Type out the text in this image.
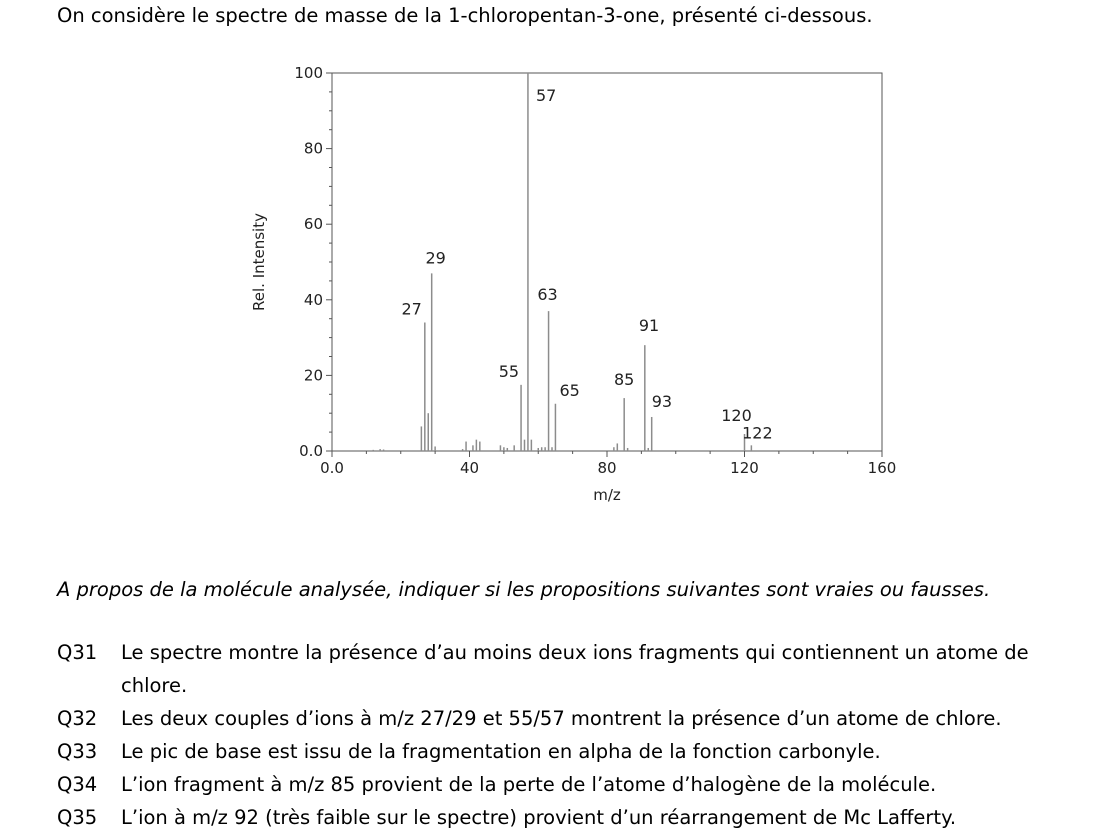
On considère le spectre de masse de la 1-chloropentan-3-one, présenté ci-dessous.
0.0	40	80	120	160
0.0
20
40
60
80
100
27
29
55
57
63
65
85
91
93
120
122
m/z
Rel. Intensity
A propos de la molécule analysée, indiquer si les propositions suivantes sont vraies ou fausses.
Q31 Le spectre montre la présence d’au moins deux ions fragments qui contiennent un atome de chlore.
Q32 Les deux couples d’ions à m/z 27/29 et 55/57 montrent la présence d’un atome de chlore.
Q33 Le pic de base est issu de la fragmentation en alpha de la fonction carbonyle.
Q34 L’ion fragment à m/z 85 provient de la perte de l’atome d’halogène de la molécule.
Q35 L’ion à m/z 92 (très faible sur le spectre) provient d’un réarrangement de Mc Lafferty.
